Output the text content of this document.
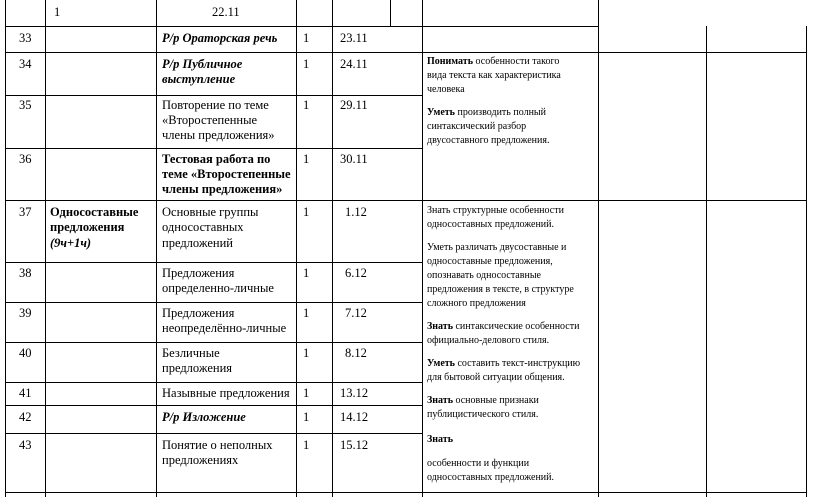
1	22.11
33
34
35
36
37
38
39
40
41
42
43
Односоставные
предложения
(9ч+1ч)
Р/р Ораторская речь
Р/р Публичное
выступление
Повторение по теме
«Второстепенные
члены предложения»
Тестовая работа по
теме «Второстепенные
члены предложения»
Основные группы
односоставных
предложений
Предложения
определенно-личные
Предложения
неопределённо-личные
Безличные
предложения
Назывные предложения
Р/р Изложение
Понятие о неполных
предложениях
1
1
1
1
1
1
1
1
1
1
1
23.11
24.11
29.11
30.11
1.12
6.12
7.12
8.12
13.12
14.12
15.12
Понимать особенности такого
вида текста как характеристика
человека
Уметь производить полный
синтаксический разбор
двусоставного предложения.
Знать структурные особенности
односоставных предложений.
Уметь различать двусоставные и
односоставные предложения,
опознавать односоставные
предложения в тексте, в структуре
сложного предложения
Знать синтаксические особенности
официально-делового стиля.
Уметь составить текст-инструкцию
для бытовой ситуации общения.
Знать основные признаки
публицистического стиля.
Знать
особенности и функции
односоставных предложений.
